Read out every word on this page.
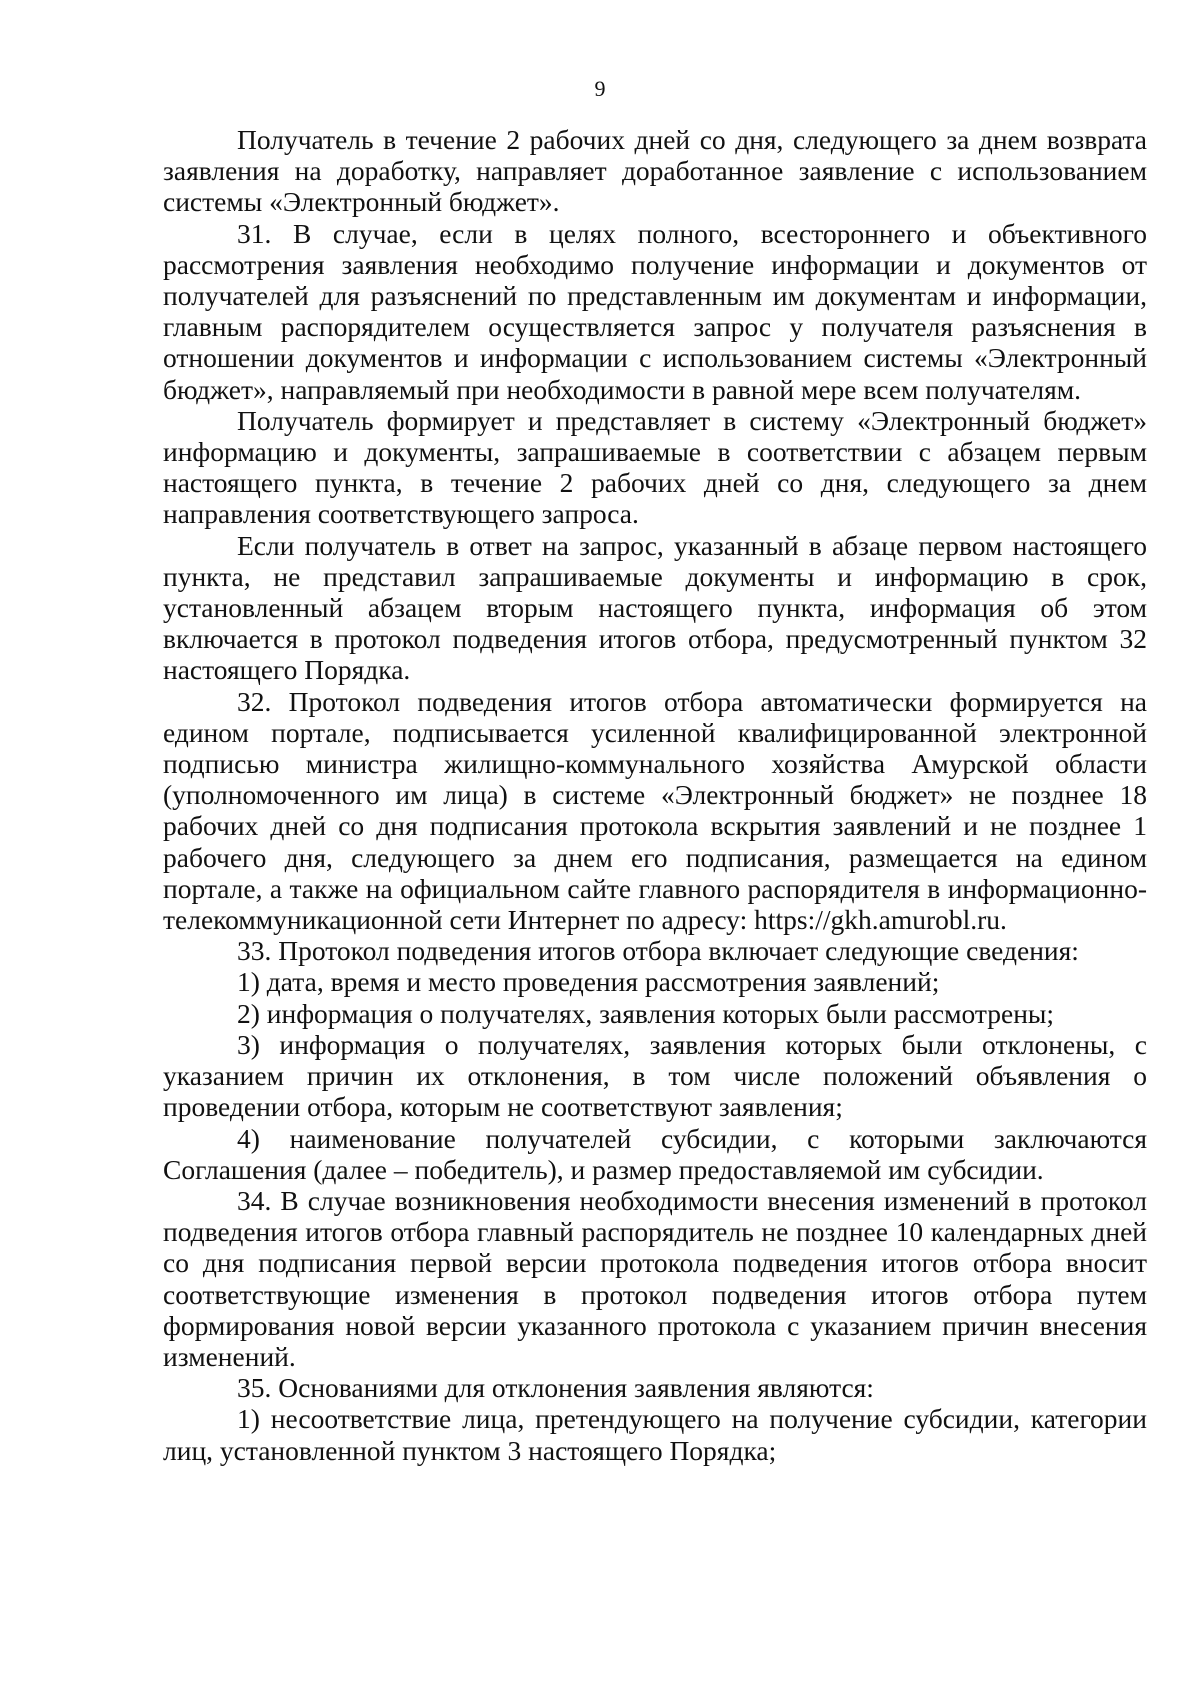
9

Получатель в течение 2 рабочих дней со дня, следующего за днем возврата заявления на доработку, направляет доработанное заявление с использованием системы «Электронный бюджет».

31. В случае, если в целях полного, всестороннего и объективного рассмотрения заявления необходимо получение информации и документов от получателей для разъяснений по представленным им документам и информации, главным распорядителем осуществляется запрос у получателя разъяснения в отношении документов и информации с использованием системы «Электронный бюджет», направляемый при необходимости в равной мере всем получателям.

Получатель формирует и представляет в систему «Электронный бюджет» информацию и документы, запрашиваемые в соответствии с абзацем первым настоящего пункта, в течение 2 рабочих дней со дня, следующего за днем направления соответствующего запроса.

Если получатель в ответ на запрос, указанный в абзаце первом настоящего пункта, не представил запрашиваемые документы и информацию в срок, установленный абзацем вторым настоящего пункта, информация об этом включается в протокол подведения итогов отбора, предусмотренный пунктом 32 настоящего Порядка.

32. Протокол подведения итогов отбора автоматически формируется на едином портале, подписывается усиленной квалифицированной электронной подписью министра жилищно-коммунального хозяйства Амурской области (уполномоченного им лица) в системе «Электронный бюджет» не позднее 18 рабочих дней со дня подписания протокола вскрытия заявлений и не позднее 1 рабочего дня, следующего за днем его подписания, размещается на едином портале, а также на официальном сайте главного распорядителя в информационно-телекоммуникационной сети Интернет по адресу: https://gkh.amurobl.ru.

33. Протокол подведения итогов отбора включает следующие сведения:

1) дата, время и место проведения рассмотрения заявлений;

2) информация о получателях, заявления которых были рассмотрены;

3) информация о получателях, заявления которых были отклонены, с указанием причин их отклонения, в том числе положений объявления о проведении отбора, которым не соответствуют заявления;

4) наименование получателей субсидии, с которыми заключаются Соглашения (далее – победитель), и размер предоставляемой им субсидии.

34. В случае возникновения необходимости внесения изменений в протокол подведения итогов отбора главный распорядитель не позднее 10 календарных дней со дня подписания первой версии протокола подведения итогов отбора вносит соответствующие изменения в протокол подведения итогов отбора путем формирования новой версии указанного протокола с указанием причин внесения изменений.

35. Основаниями для отклонения заявления являются:

1) несоответствие лица, претендующего на получение субсидии, категории лиц, установленной пунктом 3 настоящего Порядка;
